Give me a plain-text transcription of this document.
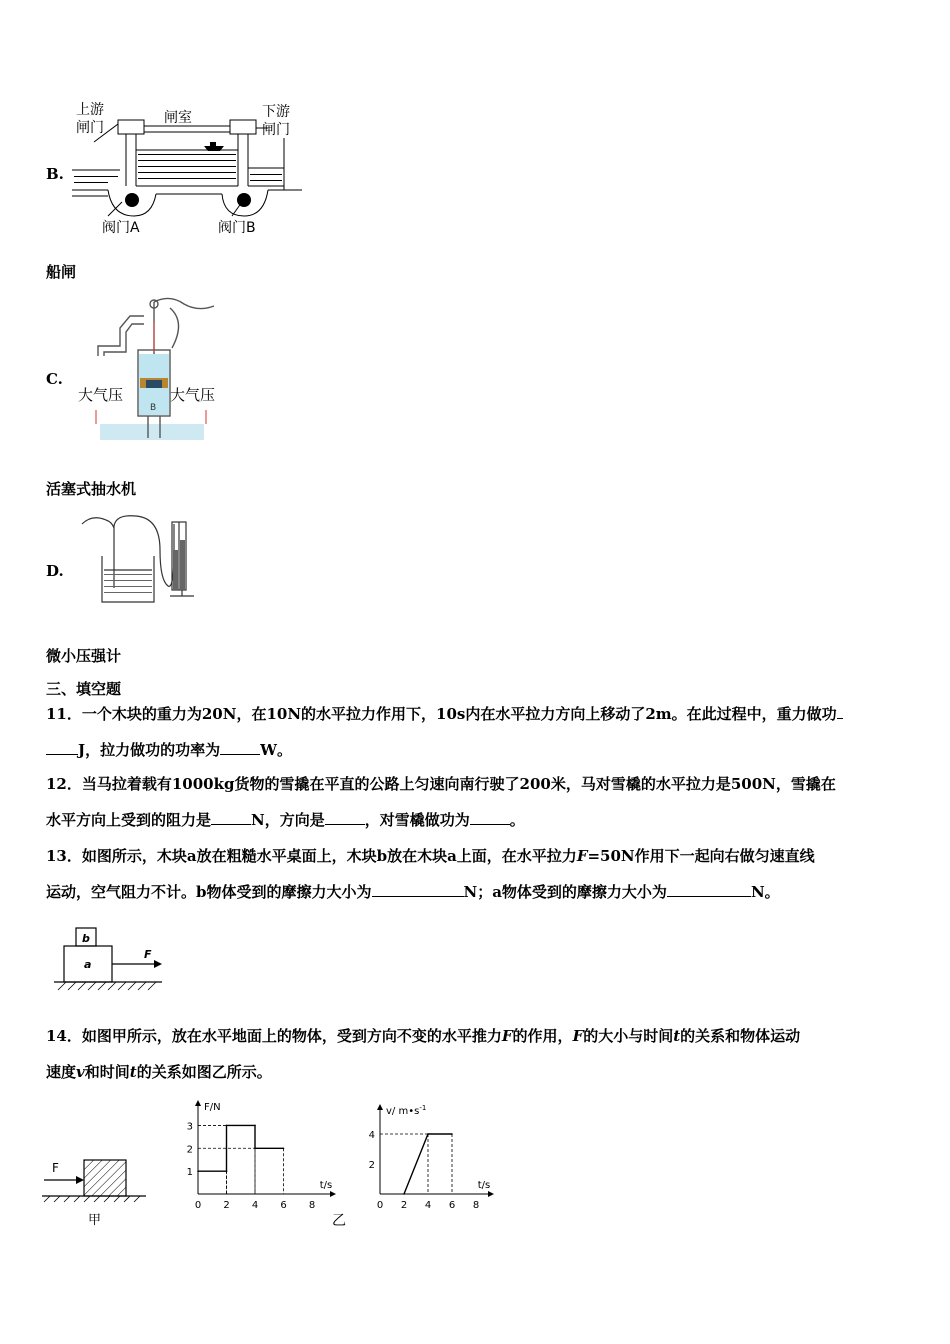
B.
上游
闸门
闸室	下游
闸门
阀门A	阀门B
船闸
C.
大气压	大气压
B
活塞式抽水机
D.
微小压强计
三、填空题
11．一个木块的重力为20N，在10N的水平拉力作用下，10s内在水平拉力方向上移动了2m。在此过程中，重力做功
J，拉力做功的功率为	W。
12．当马拉着载有1000kg货物的雪撬在平直的公路上匀速向南行驶了200米，马对雪橇的水平拉力是500N，雪撬在
水平方向上受到的阻力是	N，方向是	，对雪橇做功为	。
13．如图所示，木块a放在粗糙水平桌面上，木块b放在木块a上面，在水平拉力F=50N作用下一起向右做匀速直线
运动，空气阻力不计。b物体受到的摩擦力大小为	N；a物体受到的摩擦力大小为	N。
b
a
F
14．如图甲所示，放在水平地面上的物体，受到方向不变的水平推力F的作用，F的大小与时间t的关系和物体运动
速度v和时间t的关系如图乙所示。
F
甲
0 2 4 6 8
1
2
3
t/s
F/N
乙
0 2 4 6 8
2
4
t/s
v/ $m•s^{-1}$
